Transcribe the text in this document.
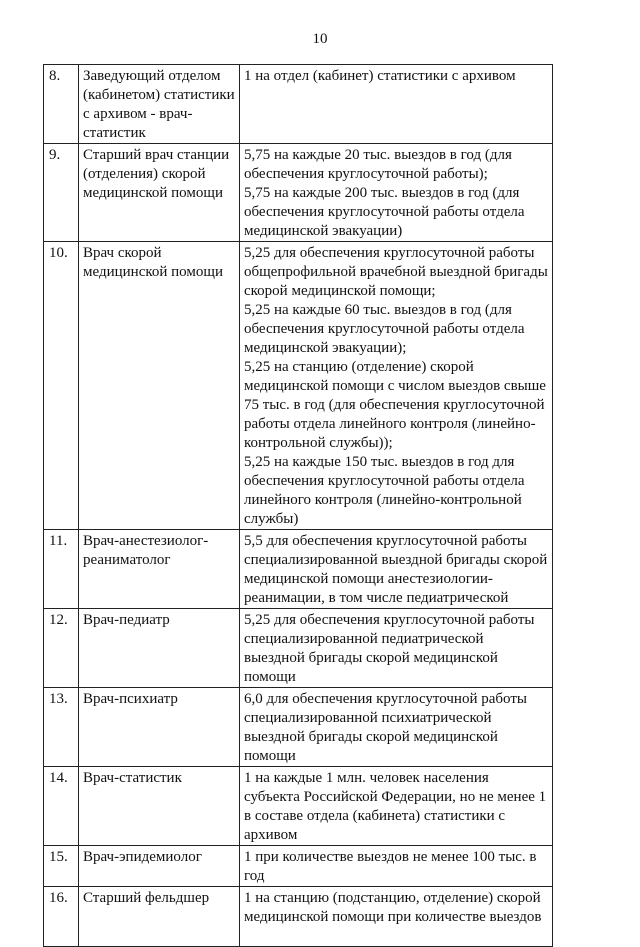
10
8.	Заведующий отделом (кабинетом) статистики с архивом - врач-статистик	1 на отдел (кабинет) статистики с архивом

9.	Старший врач станции (отделения) скорой медицинской помощи	5,75 на каждые 20 тыс. выездов в год (для обеспечения круглосуточной работы);
5,75 на каждые 200 тыс. выездов в год (для обеспечения круглосуточной работы отдела медицинской эвакуации)

10.	Врач скорой медицинской помощи	5,25 для обеспечения круглосуточной работы общепрофильной врачебной выездной бригады скорой медицинской помощи;
5,25 на каждые 60 тыс. выездов в год (для обеспечения круглосуточной работы отдела медицинской эвакуации);
5,25 на станцию (отделение) скорой медицинской помощи с числом выездов свыше 75 тыс. в год (для обеспечения круглосуточной работы отдела линейного контроля (линейно-контрольной службы));
5,25 на каждые 150 тыс. выездов в год для обеспечения круглосуточной работы отдела линейного контроля (линейно-контрольной службы)

11.	Врач-анестезиолог-реаниматолог	5,5 для обеспечения круглосуточной работы специализированной выездной бригады скорой медицинской помощи анестезиологии-реанимации, в том числе педиатрической

12.	Врач-педиатр	5,25 для обеспечения круглосуточной работы специализированной педиатрической выездной бригады скорой медицинской помощи

13.	Врач-психиатр	6,0 для обеспечения круглосуточной работы специализированной психиатрической выездной бригады скорой медицинской помощи

14.	Врач-статистик	1 на каждые 1 млн. человек населения субъекта Российской Федерации, но не менее 1 в составе отдела (кабинета) статистики с архивом

15.	Врач-эпидемиолог	1 при количестве выездов не менее 100 тыс. в год

16.	Старший фельдшер	1 на станцию (подстанцию, отделение) скорой медицинской помощи при количестве выездов
